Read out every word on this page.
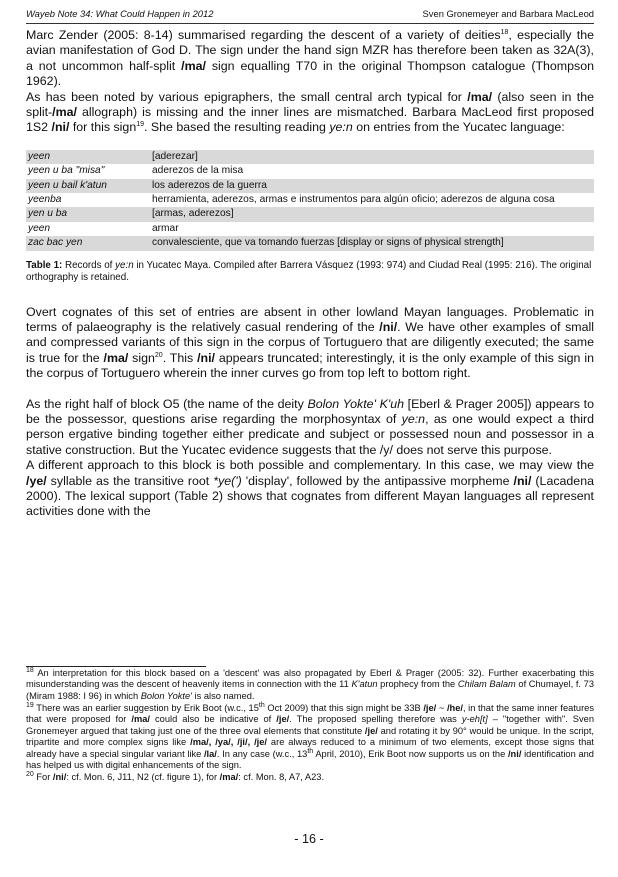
Wayeb Note 34: What Could Happen in 2012	Sven Gronemeyer and Barbara MacLeod

Marc Zender (2005: 8-14) summarised regarding the descent of a variety of deities$^{18}$, especially the avian manifestation of God D. The sign under the hand sign MZR has therefore been taken as 32A(3), a not uncommon half-split /ma/ sign equalling T70 in the original Thompson catalogue (Thompson 1962).

As has been noted by various epigraphers, the small central arch typical for /ma/ (also seen in the split-/ma/ allograph) is missing and the inner lines are mismatched. Barbara MacLeod first proposed 1S2 /ni/ for this sign$^{19}$. She based the resulting reading ye:n on entries from the Yucatec language:

yeen	[aderezar]
yeen u ba "misa"	aderezos de la misa
yeen u bail k'atun	los aderezos de la guerra
yeenba	herramienta, aderezos, armas e instrumentos para algún oficio; aderezos de alguna cosa
yen u ba	[armas, aderezos]
yeen	armar
zac bac yen	convalesciente, que va tomando fuerzas [display or signs of physical strength]

Table 1: Records of ye:n in Yucatec Maya. Compiled after Barrera Vásquez (1993: 974) and Ciudad Real (1995: 216). The original orthography is retained.

Overt cognates of this set of entries are absent in other lowland Mayan languages. Problematic in terms of palaeography is the relatively casual rendering of the /ni/. We have other examples of small and compressed variants of this sign in the corpus of Tortuguero that are diligently executed; the same is true for the /ma/ sign$^{20}$. This /ni/ appears truncated; interestingly, it is the only example of this sign in the corpus of Tortuguero wherein the inner curves go from top left to bottom right.

As the right half of block O5 (the name of the deity Bolon Yokte' K'uh [Eberl & Prager 2005]) appears to be the possessor, questions arise regarding the morphosyntax of ye:n, as one would expect a third person ergative binding together either predicate and subject or possessed noun and possessor in a stative construction. But the Yucatec evidence suggests that the /y/ does not serve this purpose.

A different approach to this block is both possible and complementary. In this case, we may view the /ye/ syllable as the transitive root *ye(') 'display', followed by the antipassive morpheme /ni/ (Lacadena 2000). The lexical support (Table 2) shows that cognates from different Mayan languages all represent activities done with the

$^{18}$ An interpretation for this block based on a 'descent' was also propagated by Eberl & Prager (2005: 32). Further exacerbating this misunderstanding was the descent of heavenly items in connection with the 11 K'atun prophecy from the Chilam Balam of Chumayel, f. 73 (Miram 1988: I 96) in which Bolon Yokte' is also named.

$^{19}$ There was an earlier suggestion by Erik Boot (w.c., 15th Oct 2009) that this sign might be 33B /je/ ~ /he/, in that the same inner features that were proposed for /ma/ could also be indicative of /je/. The proposed spelling therefore was y-eh[t] – "together with". Sven Gronemeyer argued that taking just one of the three oval elements that constitute /je/ and rotating it by 90° would be unique. In the script, tripartite and more complex signs like /ma/, /ya/, /ji/, /je/ are always reduced to a minimum of two elements, except those signs that already have a special singular variant like /la/. In any case (w.c., 13th April, 2010), Erik Boot now supports us on the /ni/ identification and has helped us with digital enhancements of the sign.

$^{20}$ For /ni/: cf. Mon. 6, J11, N2 (cf. figure 1), for /ma/: cf. Mon. 8, A7, A23.

- 16 -
